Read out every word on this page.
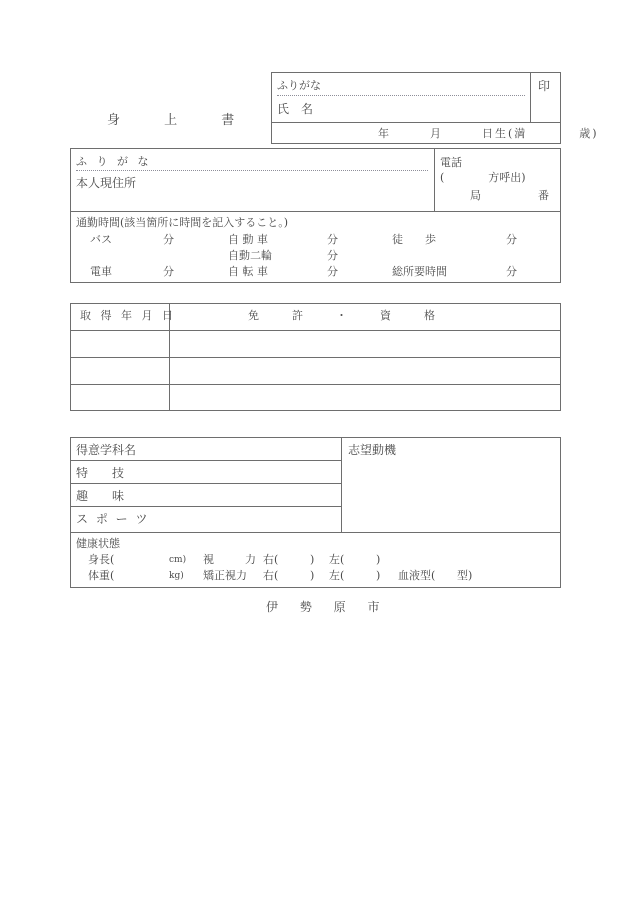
身 上 書
ふりがな
氏　名
印
年　　　月　　　日生(満　　　　歳)
ふ り が な
本人現住所
電話
(　　　　方呼出)
局	番
通勤時間(該当箇所に時間を記入すること。)
バス	分	自 動 車	分	徒　　歩	分
自動二輪	分
電車	分	自 転 車	分	総所要時間	分
取 得 年 月 日	免　　　許　　　・　　　資　　　格
得意学科名
特　　技
趣　　味
ス ポ ー ツ
志望動機
健康状態
身長(	cm) 視　　力 右(	) 左(	)
体重(	kg) 矯正視力 右(	) 左(	) 血液型( 型)
伊 勢 原 市
